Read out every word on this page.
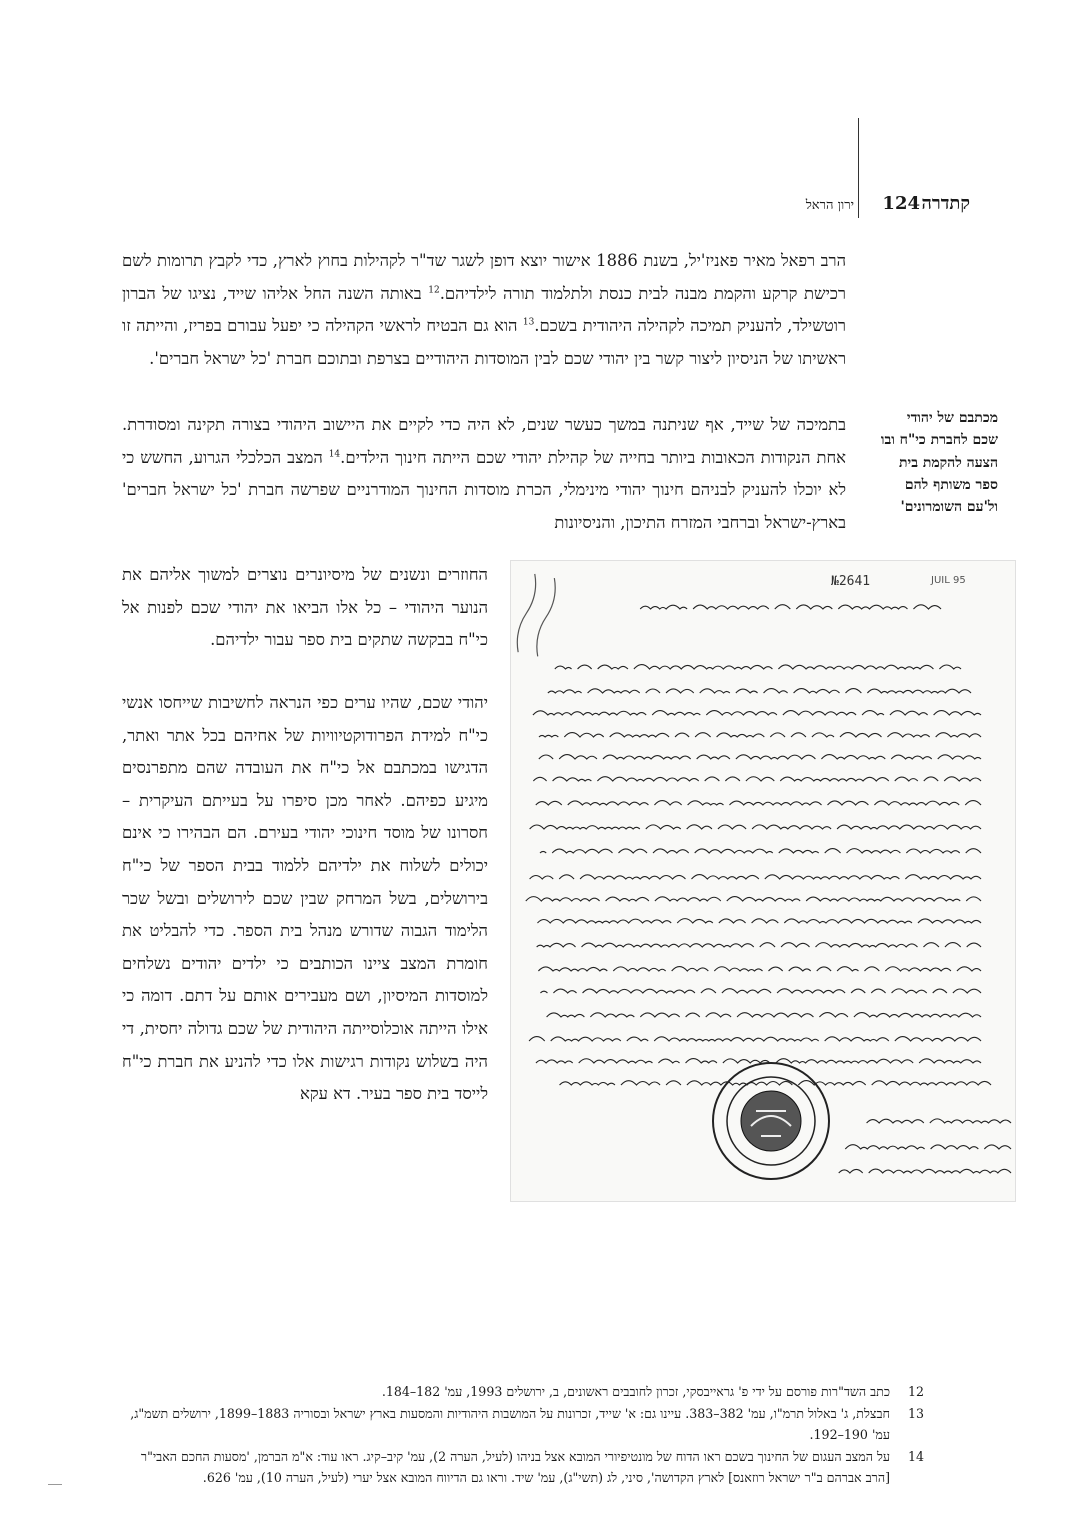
קתדרה
124
ירון הראל
הרב רפאל מאיר פאניז'יל, בשנת 1886 אישור יוצא דופן לשגר שד"ר לקהילות בחוץ לארץ, כדי לקבץ תרומות לשם רכישת קרקע והקמת מבנה לבית כנסת ולתלמוד תורה לילדיהם.$^{12}$ באותה השנה החל אליהו שייד, נציגו של הברון רוטשילד, להעניק תמיכה לקהילה היהודית בשכם.$^{13}$ הוא גם הבטיח לראשי הקהילה כי יפעל עבורם בפריז, והייתה זו ראשיתו של הניסיון ליצור קשר בין יהודי שכם לבין המוסדות היהודיים בצרפת ובתוכם חברת 'כל ישראל חברים'.
בתמיכה של שייד, אף שניתנה במשך כעשר שנים, לא היה כדי לקיים את היישוב היהודי בצורה תקינה ומסודרת. אחת הנקודות הכאובות ביותר בחייה של קהילת יהודי שכם הייתה חינוך הילדים.$^{14}$ המצב הכלכלי הגרוע, החשש כי לא יוכלו להעניק לבניהם חינוך יהודי מינימלי, הכרת מוסדות החינוך המודרניים שפרשה חברת 'כל ישראל חברים' בארץ-ישראל וברחבי המזרח התיכון, והניסיונות
מכתבם של יהודי שכם לחברת כי"ח ובו הצעה להקמת בית ספר משותף להם ול'עם השומרונים'
החוזרים ונשנים של מיסיונרים נוצרים למשוך אליהם את הנוער היהודי – כל אלו הביאו את יהודי שכם לפנות אל כי"ח בבקשה שתקים בית ספר עבור ילדיהם.
יהודי שכם, שהיו ערים כפי הנראה לחשיבות שייחסו אנשי כי"ח למידת הפרודוקטיוויות של אחיהם בכל אתר ואתר, הדגישו במכתבם אל כי"ח את העובדה שהם מתפרנסים מיגיע כפיהם. לאחר מכן סיפרו על בעייתם העיקרית – חסרונו של מוסד חינוכי יהודי בעירם. הם הבהירו כי אינם יכולים לשלוח את ילדיהם ללמוד בבית הספר של כי"ח בירושלים, בשל המרחק שבין שכם לירושלים ובשל שכר הלימוד הגבוה שדורש מנהל בית הספר. כדי להבליט את חומרת המצב ציינו הכותבים כי ילדים יהודים נשלחים למוסדות המיסיון, ושם מעבירים אותם על דתם. דומה כי אילו הייתה אוכלוסייתה היהודית של שכם גדולה יחסית, די היה בשלוש נקודות רגישות אלו כדי להניע את חברת כי"ח לייסד בית ספר בעיר. דא עקא
№2641	JUIL 95
12
כתב השד"רות פורסם על ידי פ' גראייבסקי, זכרון לחובבים ראשונים, ב, ירושלים 1993, עמ' 182–184.
13
חבצלת, ג' באלול תרמ"ו, עמ' 382–383. עיינו גם: א' שייד, זכרונות על המושבות היהודיות והמסעות בארץ ישראל ובסוריה 1883–1899, ירושלים תשמ"ג, עמ' 190–192.
14
על המצב העגום של החינוך בשכם ראו הדוח של מונטיפיורי המובא אצל בניהו (לעיל, הערה 2), עמ' קיב–קיג. ראו עוד: א"מ הברמן, 'מסעות החכם האבי"ר [הרב אברהם ב"ר ישראל רוזאנס] לארץ הקדושה', סיני, לג (תשי"ג), עמ' שיד. וראו גם הדיווח המובא אצל יערי (לעיל, הערה 10), עמ' 626.
